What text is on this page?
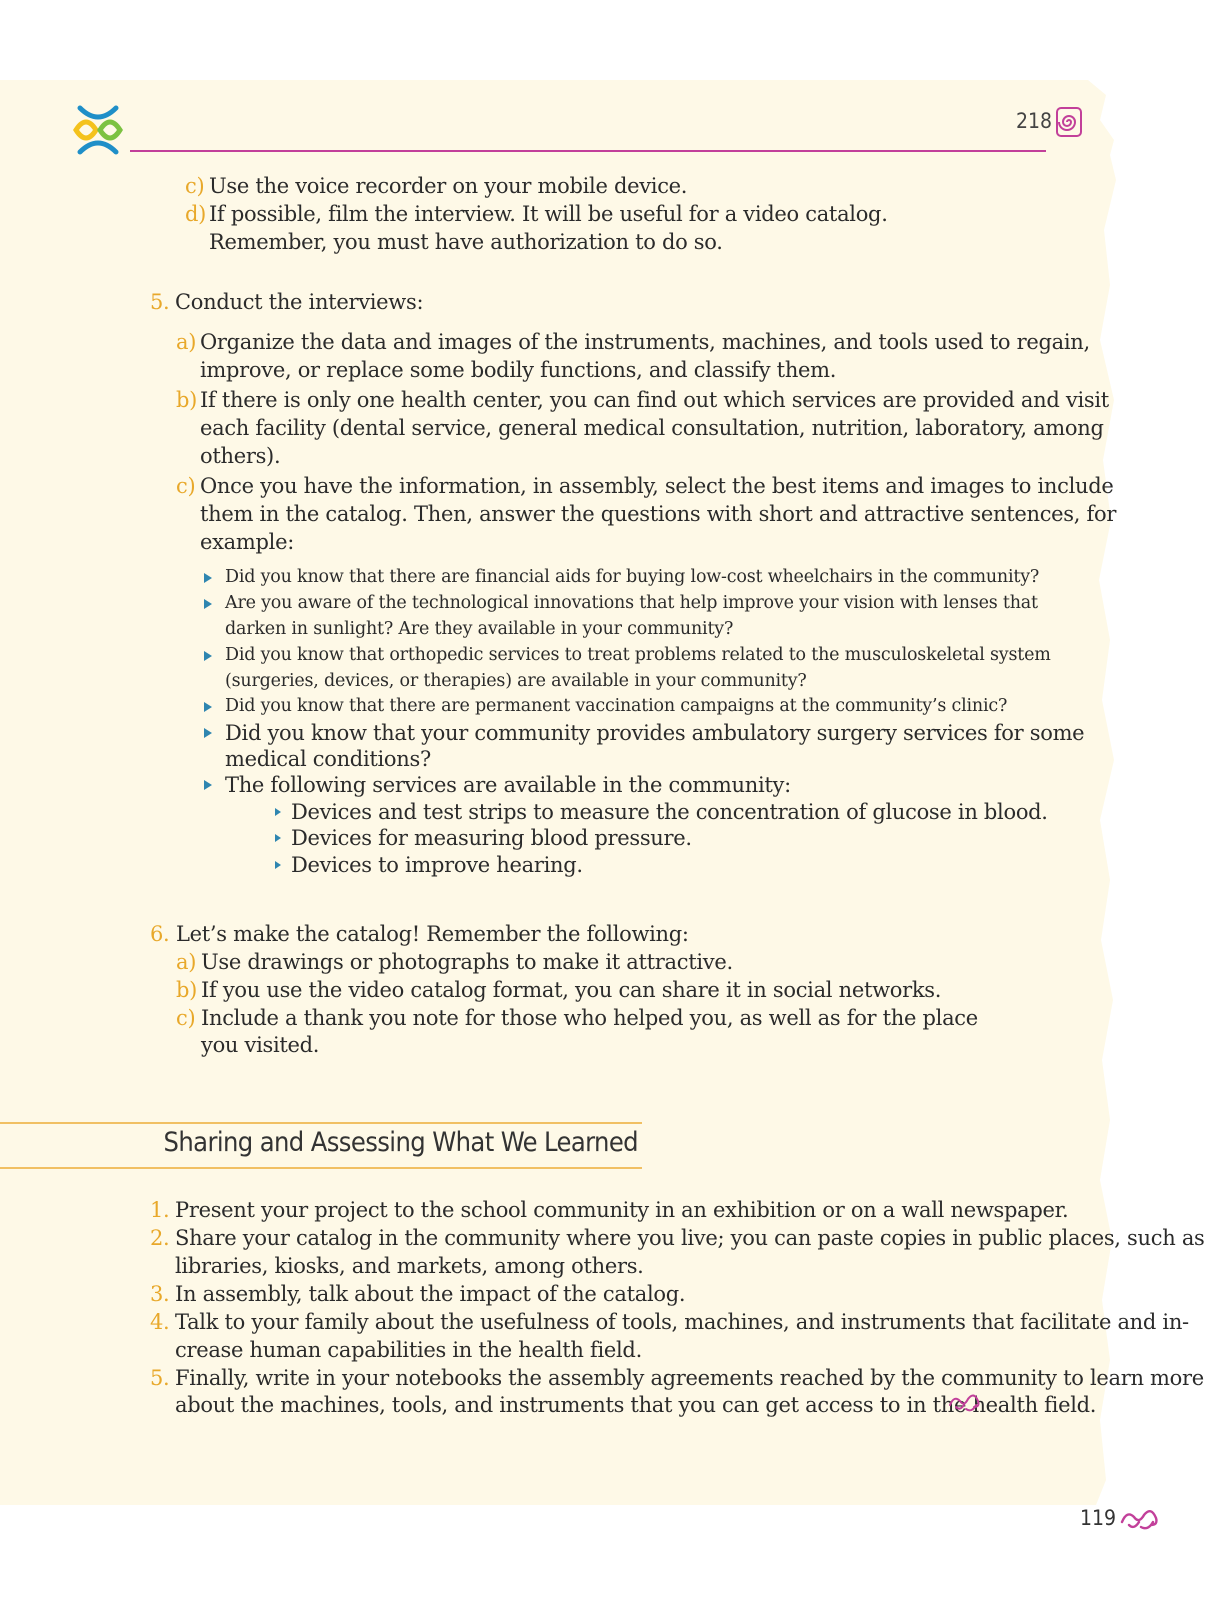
218
c) Use the voice recorder on your mobile device.
d) If possible, film the interview. It will be useful for a video catalog.
Remember, you must have authorization to do so.
5. Conduct the interviews:
a) Organize the data and images of the instruments, machines, and tools used to regain,
improve, or replace some bodily functions, and classify them.
b) If there is only one health center, you can find out which services are provided and visit
each facility (dental service, general medical consultation, nutrition, laboratory, among
others).
c) Once you have the information, in assembly, select the best items and images to include
them in the catalog. Then, answer the questions with short and attractive sentences, for
example:
Did you know that there are financial aids for buying low-cost wheelchairs in the community?
Are you aware of the technological innovations that help improve your vision with lenses that
darken in sunlight? Are they available in your community?
Did you know that orthopedic services to treat problems related to the musculoskeletal system
(surgeries, devices, or therapies) are available in your community?
Did you know that there are permanent vaccination campaigns at the community’s clinic?
Did you know that your community provides ambulatory surgery services for some
medical conditions?
The following services are available in the community:
Devices and test strips to measure the concentration of glucose in blood.
Devices for measuring blood pressure.
Devices to improve hearing.
6. Let’s make the catalog! Remember the following:
a) Use drawings or photographs to make it attractive.
b) If you use the video catalog format, you can share it in social networks.
c) Include a thank you note for those who helped you, as well as for the place
you visited.
Sharing and Assessing What We Learned
1. Present your project to the school community in an exhibition or on a wall newspaper.
2. Share your catalog in the community where you live; you can paste copies in public places, such as
libraries, kiosks, and markets, among others.
3. In assembly, talk about the impact of the catalog.
4. Talk to your family about the usefulness of tools, machines, and instruments that facilitate and in-
crease human capabilities in the health field.
5. Finally, write in your notebooks the assembly agreements reached by the community to learn more
about the machines, tools, and instruments that you can get access to in the health field.
119
